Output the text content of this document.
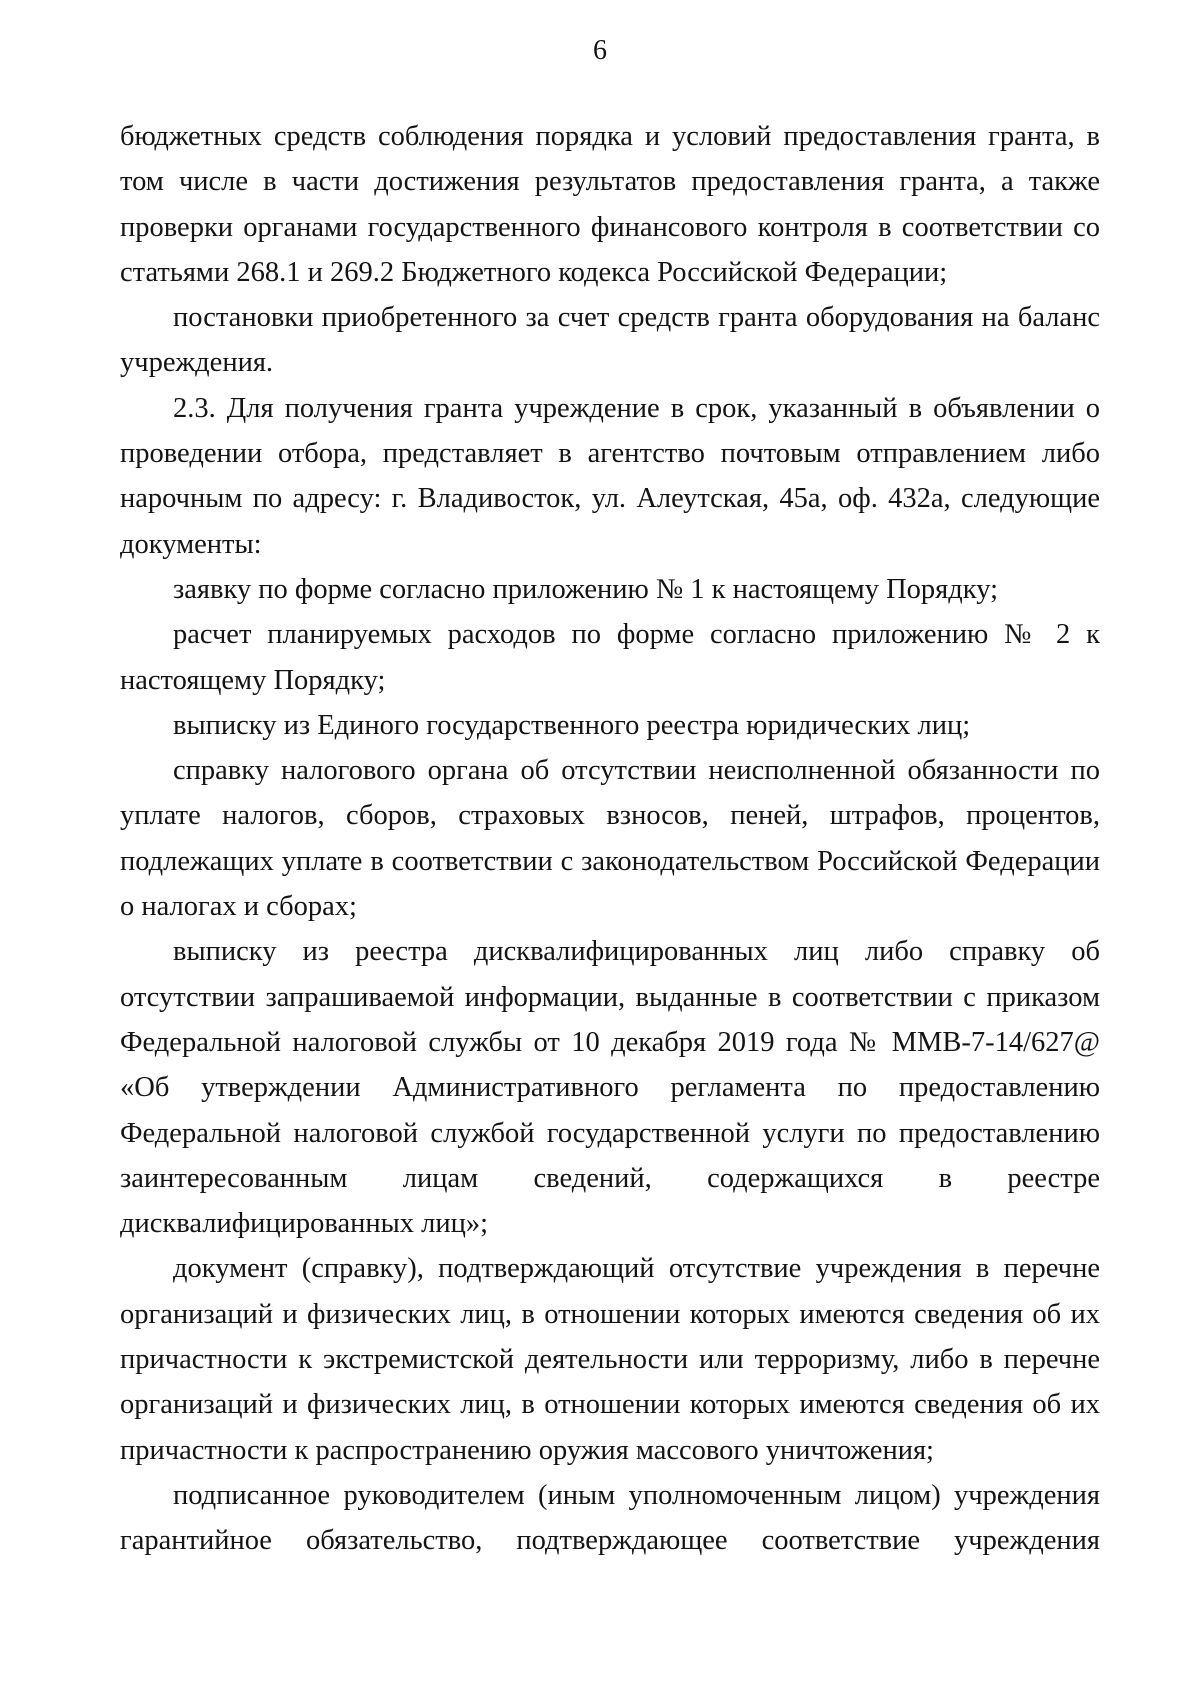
6

бюджетных средств соблюдения порядка и условий предоставления гранта, в том числе в части достижения результатов предоставления гранта, а также проверки органами государственного финансового контроля в соответствии со статьями 268.1 и 269.2 Бюджетного кодекса Российской Федерации;

постановки приобретенного за счет средств гранта оборудования на баланс учреждения.

2.3. Для получения гранта учреждение в срок, указанный в объявлении о проведении отбора, представляет в агентство почтовым отправлением либо нарочным по адресу: г. Владивосток, ул. Алеутская, 45а, оф. 432а, следующие документы:

заявку по форме согласно приложению № 1 к настоящему Порядку;

расчет планируемых расходов по форме согласно приложению № 2 к настоящему Порядку;

выписку из Единого государственного реестра юридических лиц;

справку налогового органа об отсутствии неисполненной обязанности по уплате налогов, сборов, страховых взносов, пеней, штрафов, процентов, подлежащих уплате в соответствии с законодательством Российской Федерации о налогах и сборах;

выписку из реестра дисквалифицированных лиц либо справку об отсутствии запрашиваемой информации, выданные в соответствии с приказом Федеральной налоговой службы от 10 декабря 2019 года № ММВ-7-14/627@ «Об утверждении Административного регламента по предоставлению Федеральной налоговой службой государственной услуги по предоставлению заинтересованным лицам сведений, содержащихся в реестре дисквалифицированных лиц»;

документ (справку), подтверждающий отсутствие учреждения в перечне организаций и физических лиц, в отношении которых имеются сведения об их причастности к экстремистской деятельности или терроризму, либо в перечне организаций и физических лиц, в отношении которых имеются сведения об их причастности к распространению оружия массового уничтожения;

подписанное руководителем (иным уполномоченным лицом) учреждения гарантийное обязательство, подтверждающее соответствие учреждения
